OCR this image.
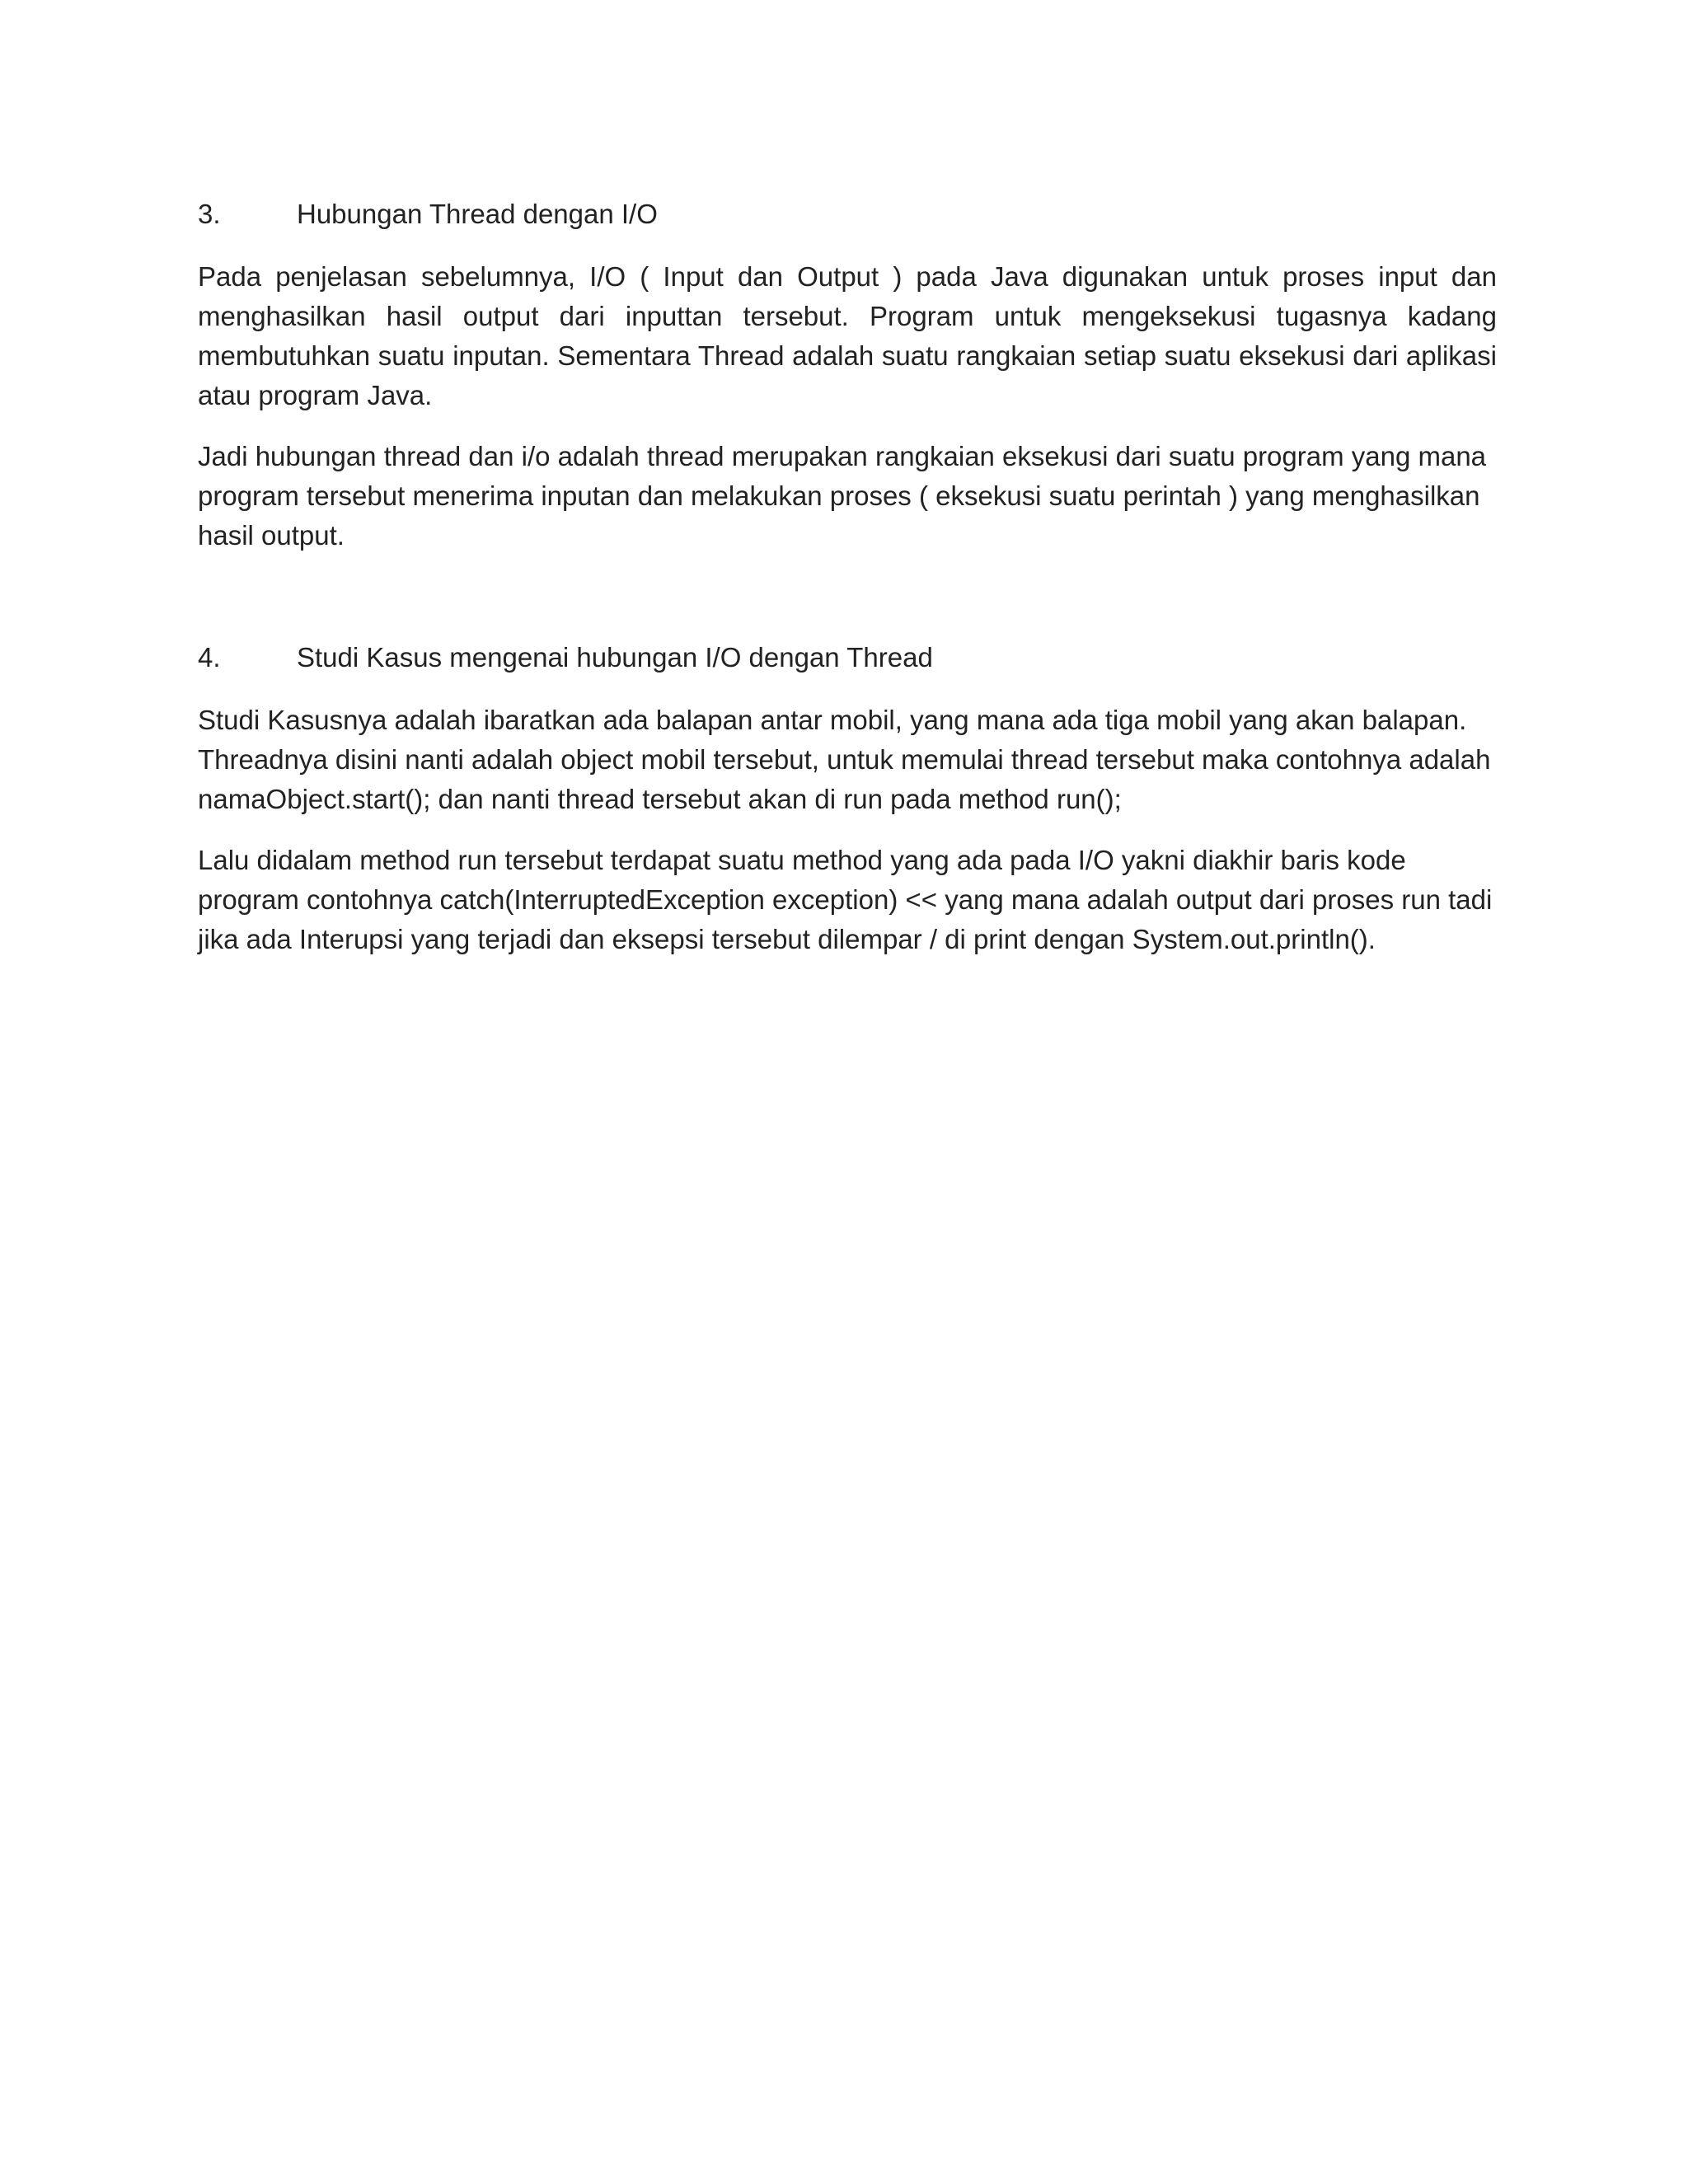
3.	Hubungan Thread dengan I/O

Pada penjelasan sebelumnya, I/O ( Input dan Output ) pada Java digunakan untuk proses input dan menghasilkan hasil output dari inputtan tersebut. Program untuk mengeksekusi tugasnya kadang membutuhkan suatu inputan. Sementara Thread adalah suatu rangkaian setiap suatu eksekusi dari aplikasi atau program Java.

Jadi hubungan thread dan i/o adalah thread merupakan rangkaian eksekusi dari suatu program yang mana program tersebut menerima inputan dan melakukan proses ( eksekusi suatu perintah ) yang menghasilkan hasil output.

4.	Studi Kasus mengenai hubungan I/O dengan Thread

Studi Kasusnya adalah ibaratkan ada balapan antar mobil, yang mana ada tiga mobil yang akan balapan. Threadnya disini nanti adalah object mobil tersebut, untuk memulai thread tersebut maka contohnya adalah namaObject.start(); dan nanti thread tersebut akan di run pada method run();

Lalu didalam method run tersebut terdapat suatu method yang ada pada I/O yakni diakhir baris kode program contohnya catch(InterruptedException exception) << yang mana adalah output dari proses run tadi jika ada Interupsi yang terjadi dan eksepsi tersebut dilempar / di print dengan System.out.println().
